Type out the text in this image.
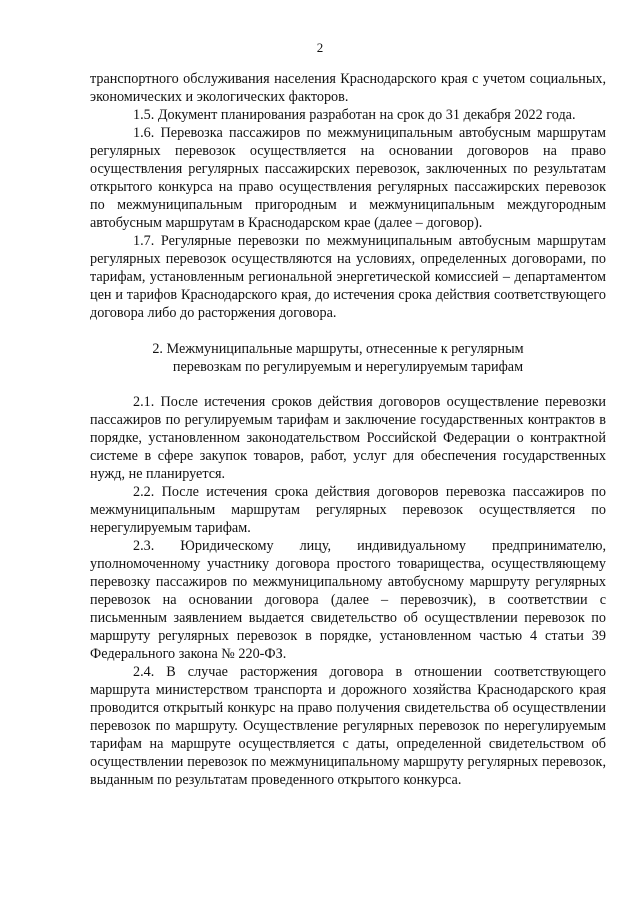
2

транспортного обслуживания населения Краснодарского края с учетом социальных, экономических и экологических факторов.

1.5. Документ планирования разработан на срок до 31 декабря 2022 года.

1.6. Перевозка пассажиров по межмуниципальным автобусным маршрутам регулярных перевозок осуществляется на основании договоров на право осуществления регулярных пассажирских перевозок, заключенных по результатам открытого конкурса на право осуществления регулярных пассажирских перевозок по межмуниципальным пригородным и межмуниципальным междугородным автобусным маршрутам в Краснодарском крае (далее – договор).

1.7. Регулярные перевозки по межмуниципальным автобусным маршрутам регулярных перевозок осуществляются на условиях, определенных договорами, по тарифам, установленным региональной энергетической комиссией – департаментом цен и тарифов Краснодарского края, до истечения срока действия соответствующего договора либо до расторжения договора.

2. Межмуниципальные маршруты, отнесенные к регулярным
перевозкам по регулируемым и нерегулируемым тарифам

2.1. После истечения сроков действия договоров осуществление перевозки пассажиров по регулируемым тарифам и заключение государственных контрактов в порядке, установленном законодательством Российской Федерации о контрактной системе в сфере закупок товаров, работ, услуг для обеспечения государственных нужд, не планируется.

2.2. После истечения срока действия договоров перевозка пассажиров по межмуниципальным маршрутам регулярных перевозок осуществляется по нерегулируемым тарифам.

2.3. Юридическому лицу, индивидуальному предпринимателю, уполномоченному участнику договора простого товарищества, осуществляющему перевозку пассажиров по межмуниципальному автобусному маршруту регулярных перевозок на основании договора (далее – перевозчик), в соответствии с письменным заявлением выдается свидетельство об осуществлении перевозок по маршруту регулярных перевозок в порядке, установленном частью 4 статьи 39 Федерального закона № 220-ФЗ.

2.4. В случае расторжения договора в отношении соответствующего маршрута министерством транспорта и дорожного хозяйства Краснодарского края проводится открытый конкурс на право получения свидетельства об осуществлении перевозок по маршруту. Осуществление регулярных перевозок по нерегулируемым тарифам на маршруте осуществляется с даты, определенной свидетельством об осуществлении перевозок по межмуниципальному маршруту регулярных перевозок, выданным по результатам проведенного открытого конкурса.
